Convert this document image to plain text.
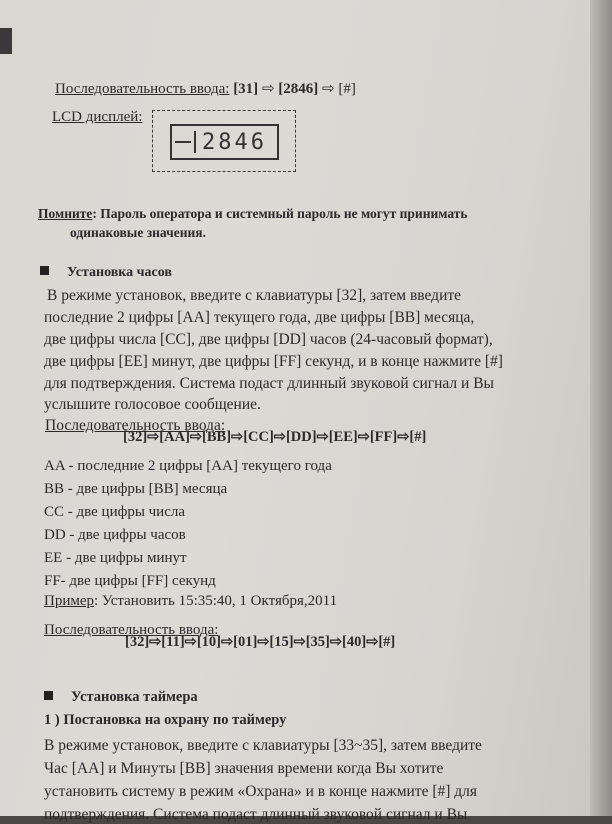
Последовательность ввода: [31] ⇨ [2846] ⇨ [#]
LCD дисплей:
2846
Помните: Пароль оператора и системный пароль не могут принимать
одинаковые значения.
Установка часов
В режиме установок, введите с клавиатуры [32], затем введите
последние 2 цифры [AA] текущего года, две цифры [BB] месяца,
две цифры числа [CC], две цифры [DD] часов (24-часовый формат),
две цифры [EE] минут, две цифры [FF] секунд, и в конце нажмите [#]
для подтверждения. Система подаст длинный звуковой сигнал и Вы
услышите голосовое сообщение.
Последовательность ввода:
[32]⇨[AA]⇨[BB]⇨[CC]⇨[DD]⇨[EE]⇨[FF]⇨[#]
AA - последние 2 цифры [AA] текущего года
BB - две цифры [BB] месяца
CC - две цифры числа
DD - две цифры часов
EE - две цифры минут
FF- две цифры [FF] секунд
Пример: Установить 15:35:40, 1 Октября,2011
Последовательность ввода:
[32]⇨[11]⇨[10]⇨[01]⇨[15]⇨[35]⇨[40]⇨[#]
Установка таймера
1 ) Постановка на охрану по таймеру
В режиме установок, введите с клавиатуры [33~35], затем введите
Час [AA] и Минуты [BB] значения времени когда Вы хотите
установить систему в режим «Охрана» и в конце нажмите [#] для
подтверждения. Система подаст длинный звуковой сигнал и Вы
